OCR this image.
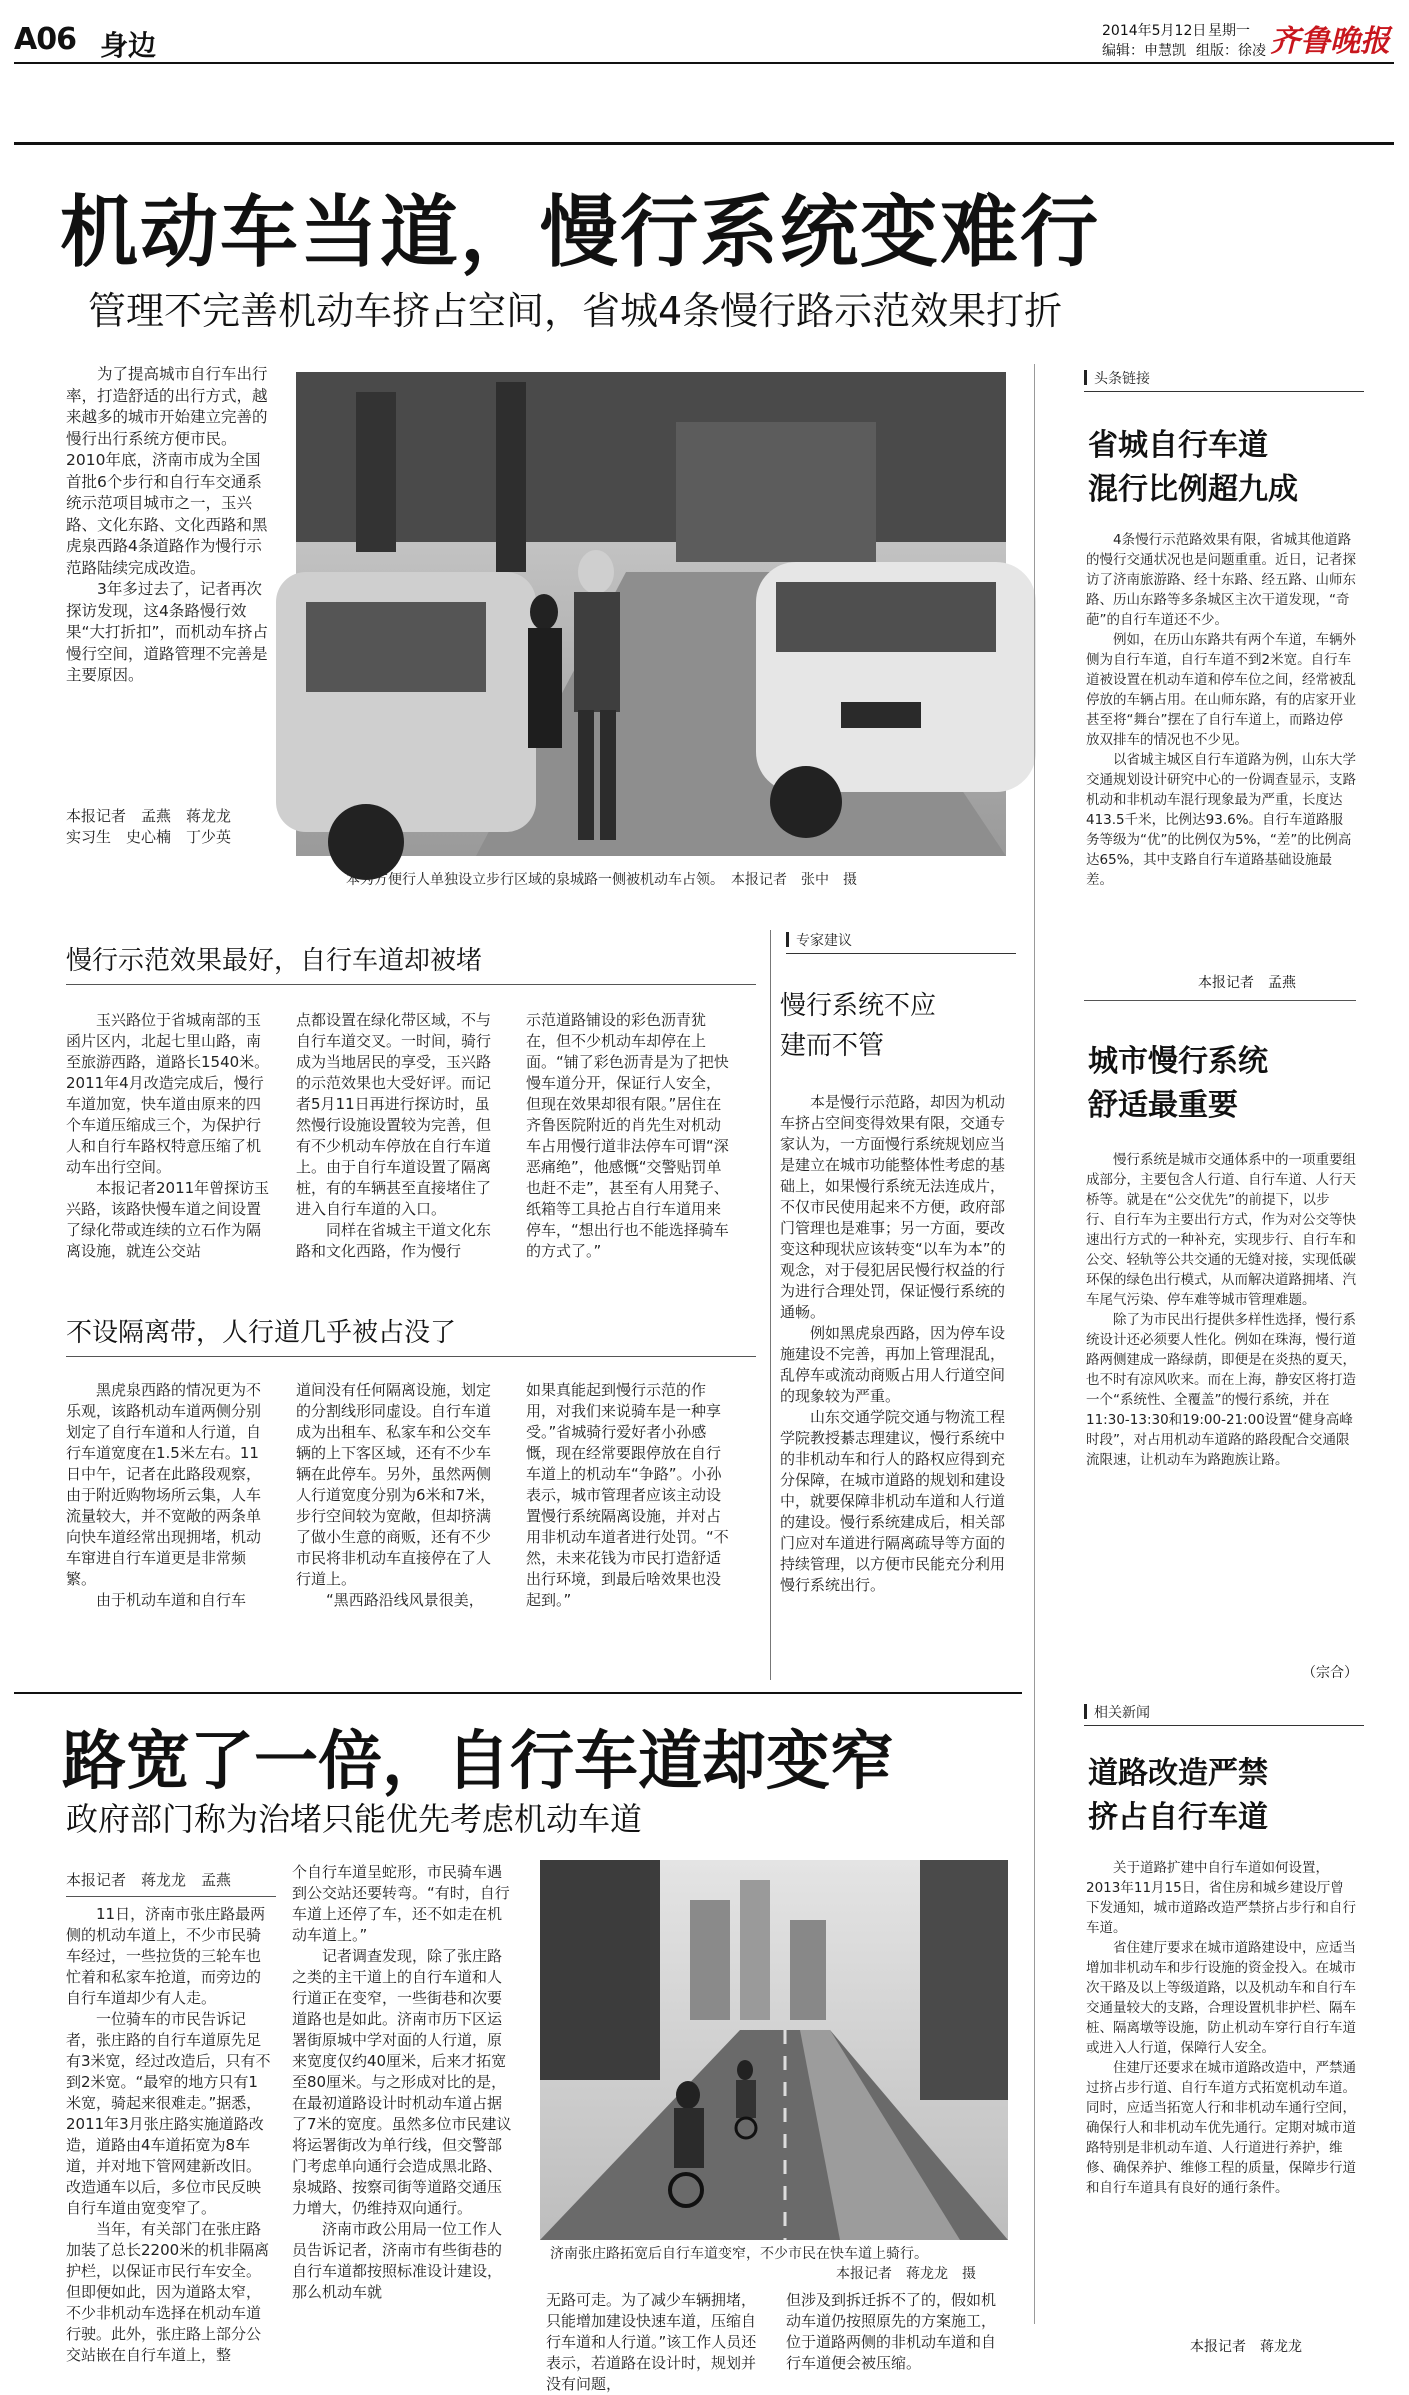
A06 身边	2014年5月12日 星期一
编辑：申慧凯 组版：徐凌 齐鲁晚报
机动车当道，慢行系统变难行
管理不完善机动车挤占空间，省城4条慢行路示范效果打折

为了提高城市自行车出行率，打造舒适的出行方式，越来越多的城市开始建立完善的慢行出行系统方便市民。2010年底，济南市成为全国首批6个步行和自行车交通系统示范项目城市之一，玉兴路、文化东路、文化西路和黑虎泉西路4条道路作为慢行示范路陆续完成改造。

3年多过去了，记者再次探访发现，这4条路慢行效果“大打折扣”，而机动车挤占慢行空间，道路管理不完善是主要原因。

本报记者　孟燕　蒋龙龙
实习生　史心楠　丁少英
本为方便行人单独设立步行区域的泉城路一侧被机动车占领。　本报记者　张中　摄
慢行示范效果最好，自行车道却被堵

玉兴路位于省城南部的玉函片区内，北起七里山路，南至旅游西路，道路长1540米。2011年4月改造完成后，慢行车道加宽，快车道由原来的四个车道压缩成三个，为保护行人和自行车路权特意压缩了机动车出行空间。

本报记者2011年曾探访玉兴路，该路快慢车道之间设置了绿化带或连续的立石作为隔离设施，就连公交站

点都设置在绿化带区域，不与自行车道交叉。一时间，骑行成为当地居民的享受，玉兴路的示范效果也大受好评。而记者5月11日再进行探访时，虽然慢行设施设置较为完善，但有不少机动车停放在自行车道上。由于自行车道设置了隔离桩，有的车辆甚至直接堵住了进入自行车道的入口。

同样在省城主干道文化东路和文化西路，作为慢行

示范道路铺设的彩色沥青犹在，但不少机动车却停在上面。“铺了彩色沥青是为了把快慢车道分开，保证行人安全，但现在效果却很有限。”居住在齐鲁医院附近的肖先生对机动车占用慢行道非法停车可谓“深恶痛绝”，他感慨“交警贴罚单也赶不走”，甚至有人用凳子、纸箱等工具抢占自行车道用来停车，“想出行也不能选择骑车的方式了。”

不设隔离带，人行道几乎被占没了

黑虎泉西路的情况更为不乐观，该路机动车道两侧分别划定了自行车道和人行道，自行车道宽度在1.5米左右。11日中午，记者在此路段观察，由于附近购物场所云集，人车流量较大，并不宽敞的两条单向快车道经常出现拥堵，机动车窜进自行车道更是非常频繁。

由于机动车道和自行车

道间没有任何隔离设施，划定的分割线形同虚设。自行车道成为出租车、私家车和公交车辆的上下客区域，还有不少车辆在此停车。另外，虽然两侧人行道宽度分别为6米和7米，步行空间较为宽敞，但却挤满了做小生意的商贩，还有不少市民将非机动车直接停在了人行道上。

“黑西路沿线风景很美，

如果真能起到慢行示范的作用，对我们来说骑车是一种享受。”省城骑行爱好者小孙感慨，现在经常要跟停放在自行车道上的机动车“争路”。小孙表示，城市管理者应该主动设置慢行系统隔离设施，并对占用非机动车道者进行处罚。“不然，未来花钱为市民打造舒适出行环境，到最后啥效果也没起到。”

专家建议
慢行系统不应
建而不管

本是慢行示范路，却因为机动车挤占空间变得效果有限，交通专家认为，一方面慢行系统规划应当是建立在城市功能整体性考虑的基础上，如果慢行系统无法连成片，不仅市民使用起来不方便，政府部门管理也是难事；另一方面，要改变这种现状应该转变“以车为本”的观念，对于侵犯居民慢行权益的行为进行合理处罚，保证慢行系统的通畅。

例如黑虎泉西路，因为停车设施建设不完善，再加上管理混乱，乱停车或流动商贩占用人行道空间的现象较为严重。

山东交通学院交通与物流工程学院教授綦志理建议，慢行系统中的非机动车和行人的路权应得到充分保障，在城市道路的规划和建设中，就要保障非机动车道和人行道的建设。慢行系统建成后，相关部门应对车道进行隔离疏导等方面的持续管理，以方便市民能充分利用慢行系统出行。

头条链接
省城自行车道
混行比例超九成

4条慢行示范路效果有限，省城其他道路的慢行交通状况也是问题重重。近日，记者探访了济南旅游路、经十东路、经五路、山师东路、历山东路等多条城区主次干道发现，“奇葩”的自行车道还不少。

例如，在历山东路共有两个车道，车辆外侧为自行车道，自行车道不到2米宽。自行车道被设置在机动车道和停车位之间，经常被乱停放的车辆占用。在山师东路，有的店家开业甚至将“舞台”摆在了自行车道上，而路边停放双排车的情况也不少见。

以省城主城区自行车道路为例，山东大学交通规划设计研究中心的一份调查显示，支路机动和非机动车混行现象最为严重，长度达413.5千米，比例达93.6%。自行车道路服务等级为“优”的比例仅为5%，“差”的比例高达65%，其中支路自行车道路基础设施最差。

本报记者　孟燕
城市慢行系统
舒适最重要

慢行系统是城市交通体系中的一项重要组成部分，主要包含人行道、自行车道、人行天桥等。就是在“公交优先”的前提下，以步行、自行车为主要出行方式，作为对公交等快速出行方式的一种补充，实现步行、自行车和公交、轻轨等公共交通的无缝对接，实现低碳环保的绿色出行模式，从而解决道路拥堵、汽车尾气污染、停车难等城市管理难题。

除了为市民出行提供多样性选择，慢行系统设计还必须要人性化。例如在珠海，慢行道路两侧建成一路绿荫，即便是在炎热的夏天，也不时有凉风吹来。而在上海，静安区将打造一个“系统性、全覆盖”的慢行系统，并在11:30-13:30和19:00-21:00设置“健身高峰时段”，对占用机动车道路的路段配合交通限流限速，让机动车为路跑族让路。

（宗合）
路宽了一倍，自行车道却变窄
政府部门称为治堵只能优先考虑机动车道
本报记者　蒋龙龙　孟燕

11日，济南市张庄路最两侧的机动车道上，不少市民骑车经过，一些拉货的三轮车也忙着和私家车抢道，而旁边的自行车道却少有人走。

一位骑车的市民告诉记者，张庄路的自行车道原先足有3米宽，经过改造后，只有不到2米宽。“最窄的地方只有1米宽，骑起来很难走。”据悉，2011年3月张庄路实施道路改造，道路由4车道拓宽为8车道，并对地下管网建新改旧。改造通车以后，多位市民反映自行车道由宽变窄了。

当年，有关部门在张庄路加装了总长2200米的机非隔离护栏，以保证市民行车安全。但即便如此，因为道路太窄，不少非机动车选择在机动车道行驶。此外，张庄路上部分公交站嵌在自行车道上，整

个自行车道呈蛇形，市民骑车遇到公交站还要转弯。“有时，自行车道上还停了车，还不如走在机动车道上。”

记者调查发现，除了张庄路之类的主干道上的自行车道和人行道正在变窄，一些街巷和次要道路也是如此。济南市历下区运署街原城中学对面的人行道，原来宽度仅约40厘米，后来才拓宽至80厘米。与之形成对比的是，在最初道路设计时机动车道占据了7米的宽度。虽然多位市民建议将运署街改为单行线，但交警部门考虑单向通行会造成黑北路、泉城路、按察司街等道路交通压力增大，仍维持双向通行。

济南市政公用局一位工作人员告诉记者，济南市有些街巷的自行车道都按照标准设计建设，那么机动车就

济南张庄路拓宽后自行车道变窄，不少市民在快车道上骑行。
本报记者　蒋龙龙　摄

无路可走。为了减少车辆拥堵，只能增加建设快速车道，压缩自行车道和人行道。”该工作人员还表示，若道路在设计时，规划并没有问题，

但涉及到拆迁拆不了的，假如机动车道仍按照原先的方案施工，位于道路两侧的非机动车道和自行车道便会被压缩。

相关新闻
道路改造严禁
挤占自行车道

关于道路扩建中自行车道如何设置，2013年11月15日，省住房和城乡建设厅曾下发通知，城市道路改造严禁挤占步行和自行车道。

省住建厅要求在城市道路建设中，应适当增加非机动车和步行设施的资金投入。在城市次干路及以上等级道路，以及机动车和自行车交通量较大的支路，合理设置机非护栏、隔车桩、隔离墩等设施，防止机动车穿行自行车道或进入人行道，保障行人安全。

住建厅还要求在城市道路改造中，严禁通过挤占步行道、自行车道方式拓宽机动车道。同时，应适当拓宽人行和非机动车通行空间，确保行人和非机动车优先通行。定期对城市道路特别是非机动车道、人行道进行养护，维修、确保养护、维修工程的质量，保障步行道和自行车道具有良好的通行条件。

本报记者　蒋龙龙
